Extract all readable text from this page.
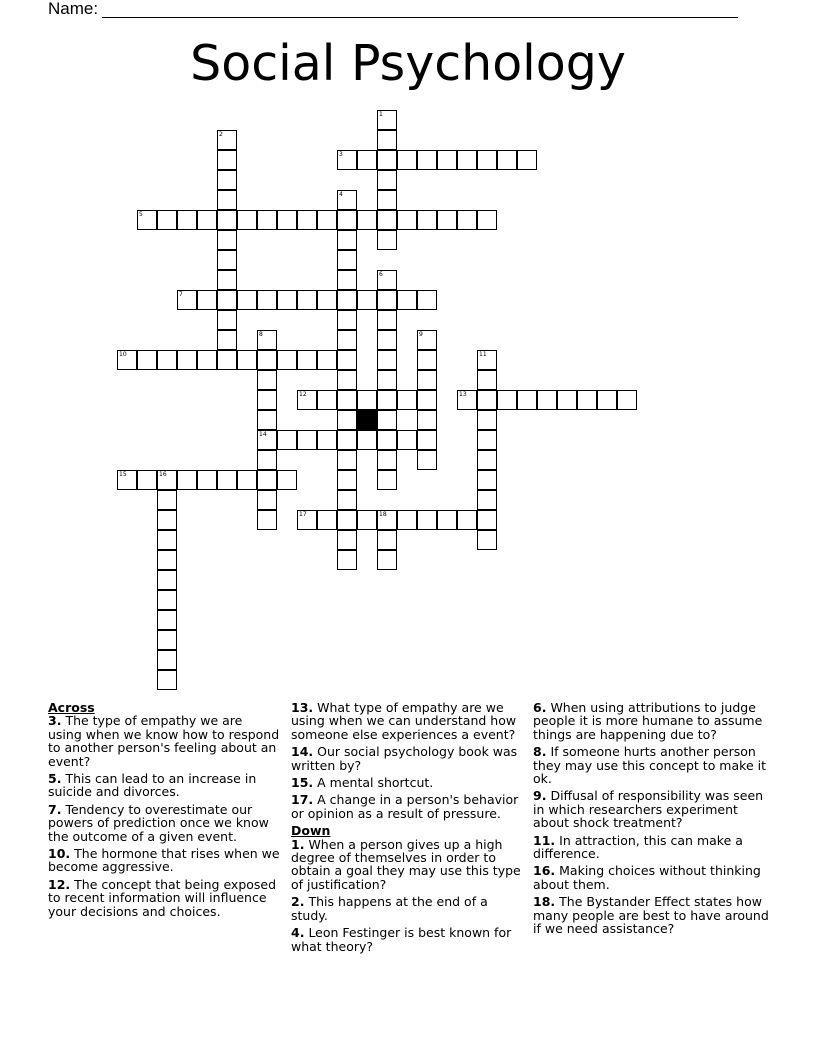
Name:
Social Psychology
1
2
3
4
5
6
7
8
14
9
10	11
12	13
15	16
17	18
Across
3. The type of empathy we are using when we know how to respond to another person's feeling about an event?
5. This can lead to an increase in suicide and divorces.
7. Tendency to overestimate our powers of prediction once we know the outcome of a given event.
10. The hormone that rises when we become aggressive.
12. The concept that being exposed to recent information will influence your decisions and choices.
13. What type of empathy are we using when we can understand how someone else experiences a event?
14. Our social psychology book was written by?
15. A mental shortcut.
17. A change in a person's behavior or opinion as a result of pressure.
Down
1. When a person gives up a high degree of themselves in order to obtain a goal they may use this type of justification?
2. This happens at the end of a study.
4. Leon Festinger is best known for what theory?
6. When using attributions to judge people it is more humane to assume things are happening due to?
8. If someone hurts another person they may use this concept to make it ok.
9. Diffusal of responsibility was seen in which researchers experiment about shock treatment?
11. In attraction, this can make a difference.
16. Making choices without thinking about them.
18. The Bystander Effect states how many people are best to have around if we need assistance?
